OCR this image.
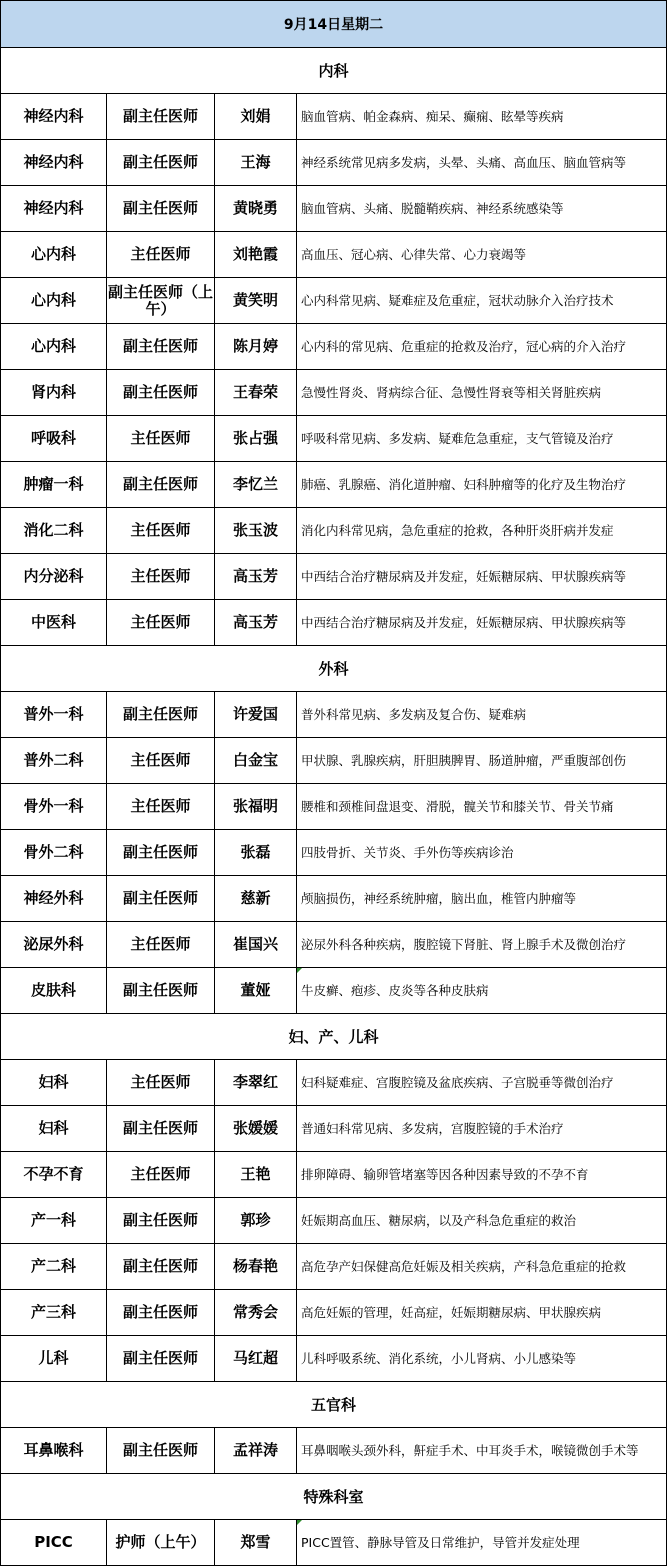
9月14日星期二			
内科			
神经内科	副主任医师	刘娟	脑血管病、帕金森病、痴呆、癫痫、眩晕等疾病
神经内科	副主任医师	王海	神经系统常见病多发病，头晕、头痛、高血压、脑血管病等
神经内科	副主任医师	黄晓勇	脑血管病、头痛、脱髓鞘疾病、神经系统感染等
心内科	主任医师	刘艳霞	高血压、冠心病、心律失常、心力衰竭等
心内科	副主任医师（上午）	黄笑明	心内科常见病、疑难症及危重症，冠状动脉介入治疗技术
心内科	副主任医师	陈月婷	心内科的常见病、危重症的抢救及治疗，冠心病的介入治疗
肾内科	副主任医师	王春荣	急慢性肾炎、肾病综合征、急慢性肾衰等相关肾脏疾病
呼吸科	主任医师	张占强	呼吸科常见病、多发病、疑难危急重症，支气管镜及治疗
肿瘤一科	副主任医师	李忆兰	肺癌、乳腺癌、消化道肿瘤、妇科肿瘤等的化疗及生物治疗
消化二科	主任医师	张玉波	消化内科常见病，急危重症的抢救，各种肝炎肝病并发症
内分泌科	主任医师	高玉芳	中西结合治疗糖尿病及并发症，妊娠糖尿病、甲状腺疾病等
中医科	主任医师	高玉芳	中西结合治疗糖尿病及并发症，妊娠糖尿病、甲状腺疾病等
外科			
普外一科	副主任医师	许爱国	普外科常见病、多发病及复合伤、疑难病
普外二科	主任医师	白金宝	甲状腺、乳腺疾病，肝胆胰脾胃、肠道肿瘤，严重腹部创伤
骨外一科	主任医师	张福明	腰椎和颈椎间盘退变、滑脱，髋关节和膝关节、骨关节痛
骨外二科	副主任医师	张磊	四肢骨折、关节炎、手外伤等疾病诊治
神经外科	副主任医师	慈新	颅脑损伤，神经系统肿瘤，脑出血，椎管内肿瘤等
泌尿外科	主任医师	崔国兴	泌尿外科各种疾病，腹腔镜下肾脏、肾上腺手术及微创治疗
皮肤科	副主任医师	董娅	牛皮癣、疱疹、皮炎等各种皮肤病
妇、产、儿科			
妇科	主任医师	李翠红	妇科疑难症、宫腹腔镜及盆底疾病、子宫脱垂等微创治疗
妇科	副主任医师	张媛媛	普通妇科常见病、多发病，宫腹腔镜的手术治疗
不孕不育	主任医师	王艳	排卵障碍、输卵管堵塞等因各种因素导致的不孕不育
产一科	副主任医师	郭珍	妊娠期高血压、糖尿病，以及产科急危重症的救治
产二科	副主任医师	杨春艳	高危孕产妇保健高危妊娠及相关疾病，产科急危重症的抢救
产三科	副主任医师	常秀会	高危妊娠的管理，妊高症，妊娠期糖尿病、甲状腺疾病
儿科	副主任医师	马红超	儿科呼吸系统、消化系统，小儿肾病、小儿感染等
五官科			
耳鼻喉科	副主任医师	孟祥涛	耳鼻咽喉头颈外科，鼾症手术、中耳炎手术，喉镜微创手术等
特殊科室			
PICC	护师（上午）	郑雪	PICC置管、静脉导管及日常维护，导管并发症处理
